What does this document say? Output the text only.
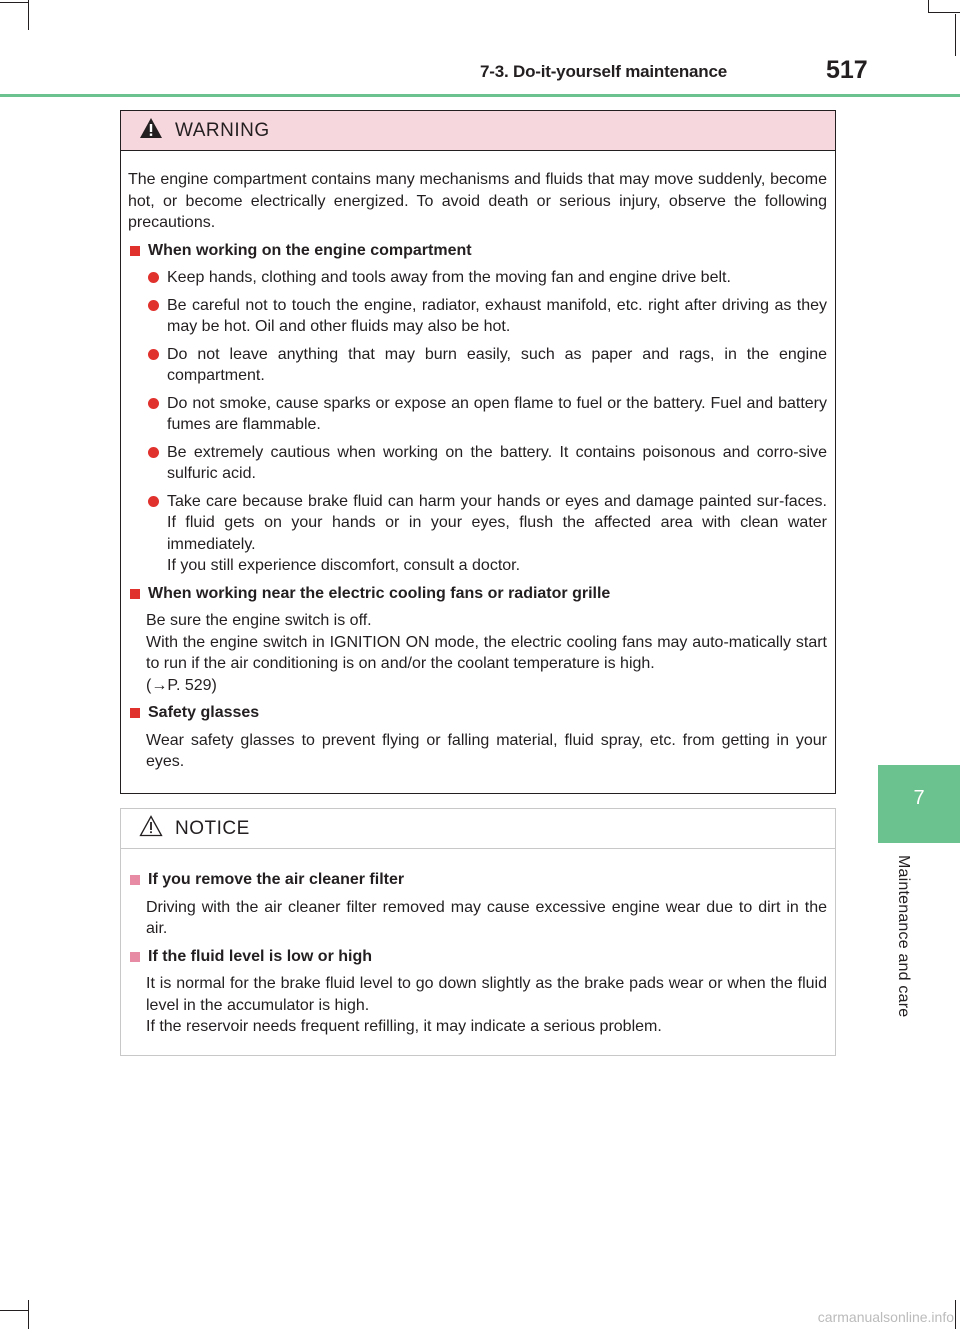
7-3. Do-it-yourself maintenance	517
7
Maintenance and care
WARNING

The engine compartment contains many mechanisms and fluids that may move suddenly, become hot, or become electrically energized. To avoid death or serious injury, observe the following precautions.

When working on the engine compartment
Keep hands, clothing and tools away from the moving fan and engine drive belt.
Be careful not to touch the engine, radiator, exhaust manifold, etc. right after driving as they may be hot. Oil and other fluids may also be hot.
Do not leave anything that may burn easily, such as paper and rags, in the engine compartment.
Do not smoke, cause sparks or expose an open flame to fuel or the battery. Fuel and battery fumes are flammable.
Be extremely cautious when working on the battery. It contains poisonous and corro-sive sulfuric acid.
Take care because brake fluid can harm your hands or eyes and damage painted sur-faces. If fluid gets on your hands or in your eyes, flush the affected area with clean water immediately.
If you still experience discomfort, consult a doctor.
When working near the electric cooling fans or radiator grille
Be sure the engine switch is off.
With the engine switch in IGNITION ON mode, the electric cooling fans may auto-matically start to run if the air conditioning is on and/or the coolant temperature is high.
(→P. 529)
Safety glasses
Wear safety glasses to prevent flying or falling material, fluid spray, etc. from getting in your eyes.
NOTICE
If you remove the air cleaner filter
Driving with the air cleaner filter removed may cause excessive engine wear due to dirt in the air.
If the fluid level is low or high
It is normal for the brake fluid level to go down slightly as the brake pads wear or when the fluid level in the accumulator is high.
If the reservoir needs frequent refilling, it may indicate a serious problem.
carmanualsonline.info
